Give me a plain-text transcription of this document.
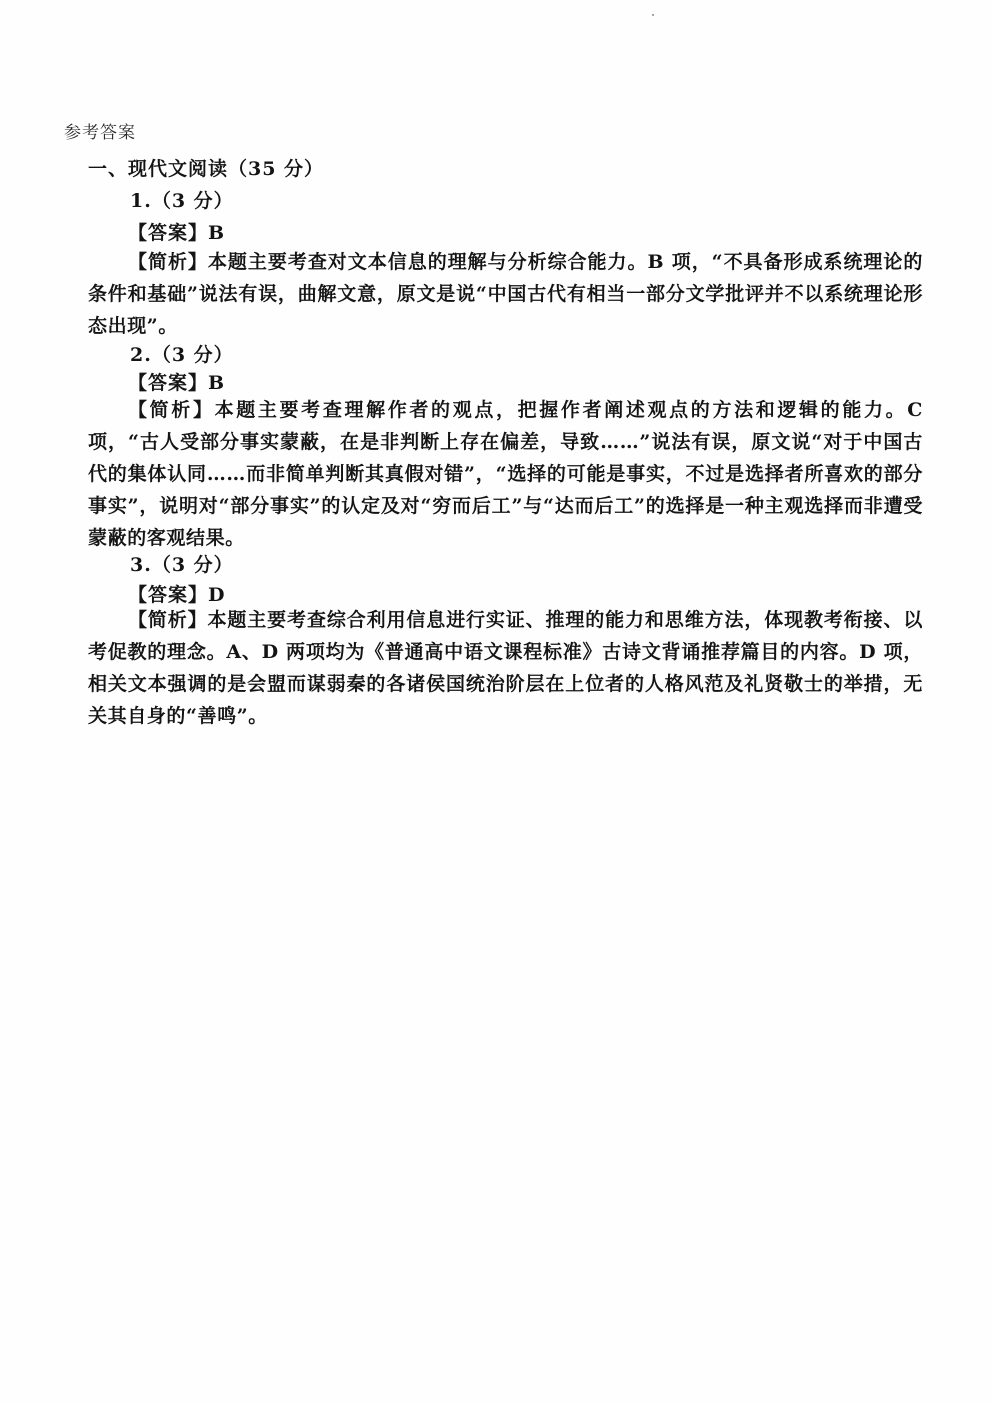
参考答案
一、现代文阅读（35 分）
1.（3 分）
【答案】B
【简析】本题主要考查对文本信息的理解与分析综合能力。B 项，“不具备形成系统理论的条件和基础”说法有误，曲解文意，原文是说“中国古代有相当一部分文学批评并不以系统理论形态出现”。
2.（3 分）
【答案】B
【简析】本题主要考查理解作者的观点，把握作者阐述观点的方法和逻辑的能力。C 项，“古人受部分事实蒙蔽，在是非判断上存在偏差，导致……”说法有误，原文说“对于中国古代的集体认同……而非简单判断其真假对错”，“选择的可能是事实，不过是选择者所喜欢的部分事实”，说明对“部分事实”的认定及对“穷而后工”与“达而后工”的选择是一种主观选择而非遭受蒙蔽的客观结果。
3.（3 分）
【答案】D
【简析】本题主要考查综合利用信息进行实证、推理的能力和思维方法，体现教考衔接、以考促教的理念。A、D 两项均为《普通高中语文课程标准》古诗文背诵推荐篇目的内容。D 项，相关文本强调的是会盟而谋弱秦的各诸侯国统治阶层在上位者的人格风范及礼贤敬士的举措，无关其自身的“善鸣”。
